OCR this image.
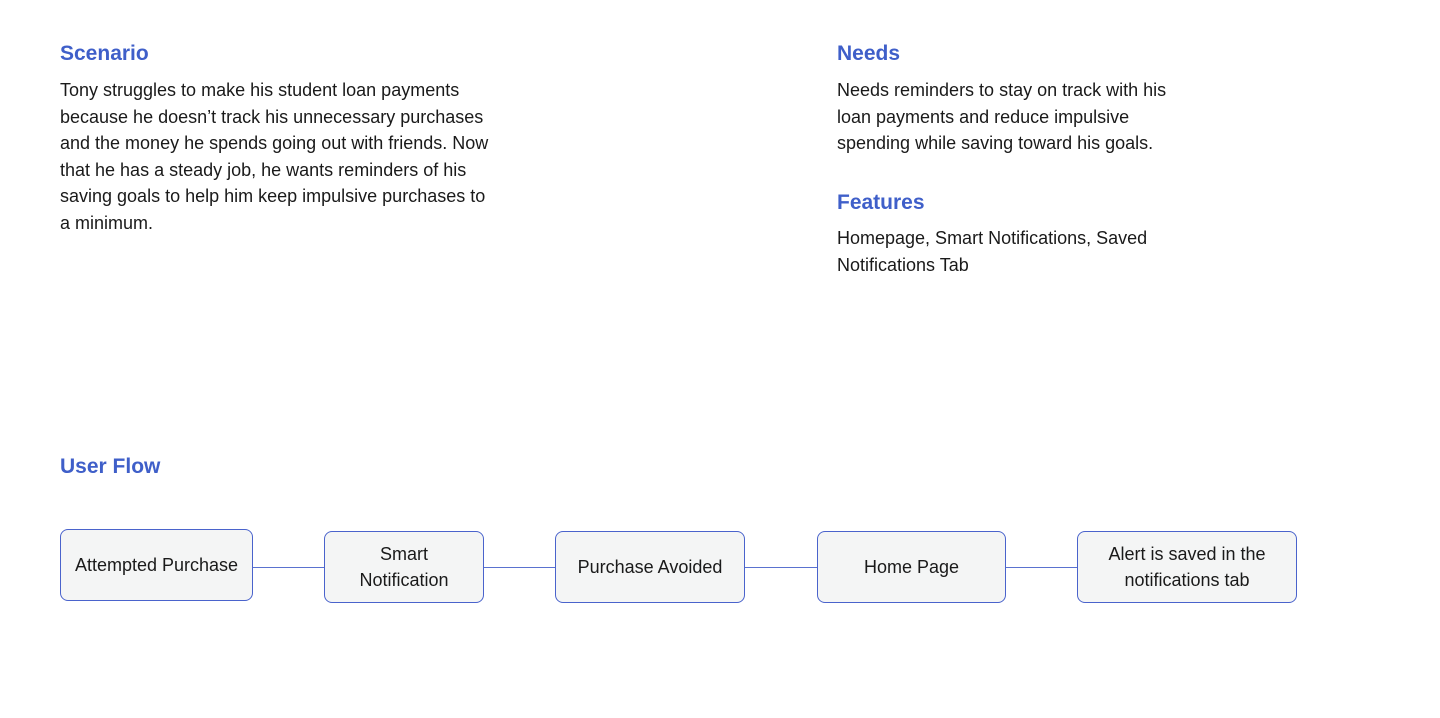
Scenario

Tony struggles to make his student loan payments because he doesn’t track his unnecessary purchases and the money he spends going out with friends. Now that he has a steady job, he wants reminders of his saving goals to help him keep impulsive purchases to a minimum.

Needs

Needs reminders to stay on track with his loan payments and reduce impulsive spending while saving toward his goals.

Features

Homepage, Smart Notifications, Saved Notifications Tab

User Flow
Attempted Purchase
Smart Notification
Purchase Avoided	Home Page
Alert is saved in the notifications tab
